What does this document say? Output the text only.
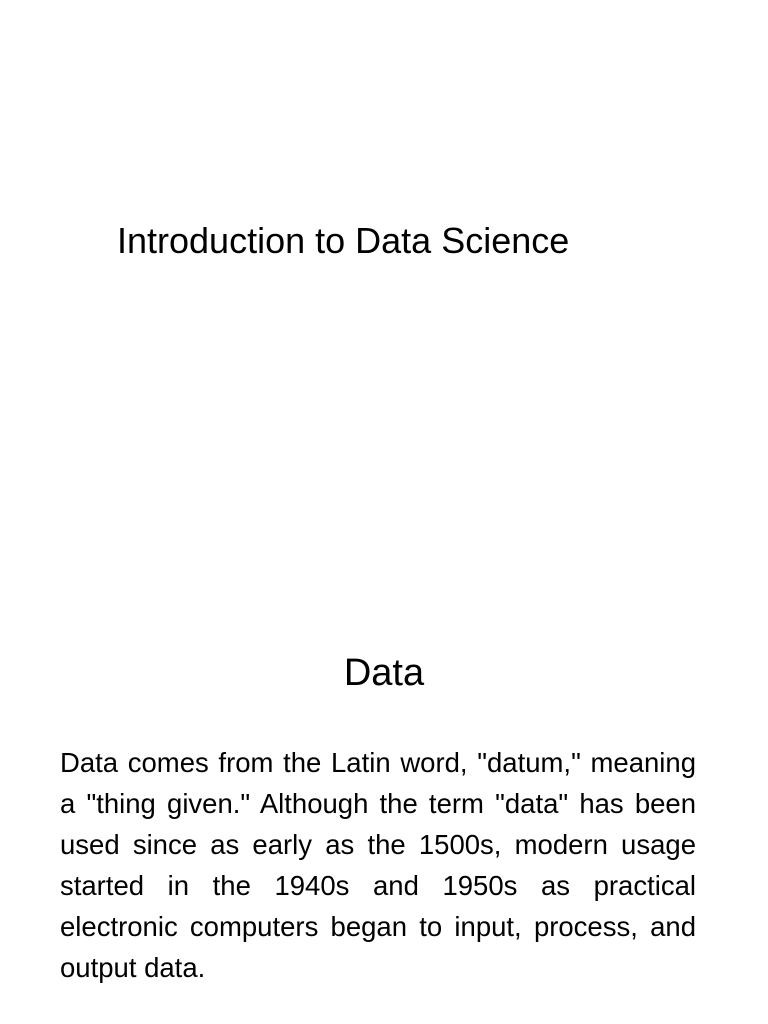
Introduction to Data Science
Data

Data comes from the Latin word, "datum," meaning a "thing given." Although the term "data" has been used since as early as the 1500s, modern usage started in the 1940s and 1950s as practical electronic computers began to input, process, and output data.
